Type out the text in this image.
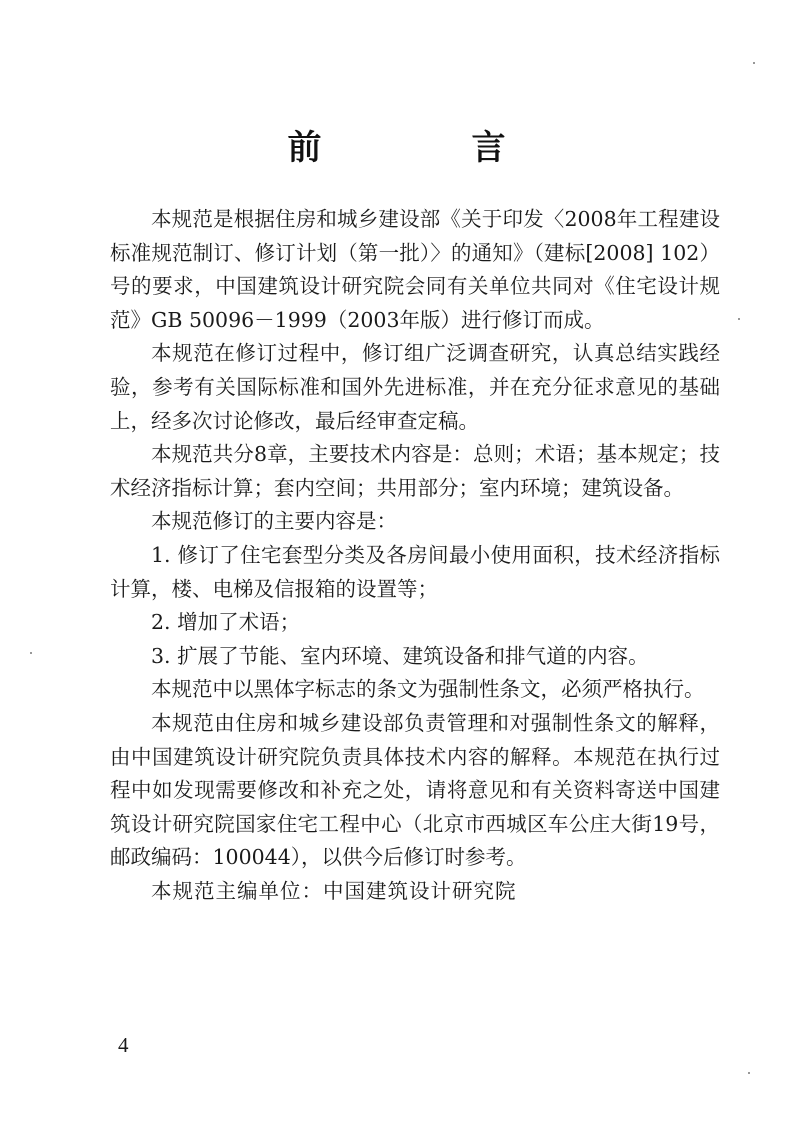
前　言

本规范是根据住房和城乡建设部《关于印发〈2008年工程建设标准规范制订、修订计划（第一批）〉的通知》（建标[2008] 102）号的要求，中国建筑设计研究院会同有关单位共同对《住宅设计规范》GB 50096－1999（2003年版）进行修订而成。

本规范在修订过程中，修订组广泛调查研究，认真总结实践经验，参考有关国际标准和国外先进标准，并在充分征求意见的基础上，经多次讨论修改，最后经审查定稿。

本规范共分8章，主要技术内容是：总则；术语；基本规定；技术经济指标计算；套内空间；共用部分；室内环境；建筑设备。

本规范修订的主要内容是：

1. 修订了住宅套型分类及各房间最小使用面积，技术经济指标计算，楼、电梯及信报箱的设置等；

2. 增加了术语；

3. 扩展了节能、室内环境、建筑设备和排气道的内容。

本规范中以黑体字标志的条文为强制性条文，必须严格执行。

本规范由住房和城乡建设部负责管理和对强制性条文的解释，由中国建筑设计研究院负责具体技术内容的解释。本规范在执行过程中如发现需要修改和补充之处，请将意见和有关资料寄送中国建筑设计研究院国家住宅工程中心（北京市西城区车公庄大街19号，邮政编码：100044），以供今后修订时参考。

本规范主编单位：中国建筑设计研究院

4
